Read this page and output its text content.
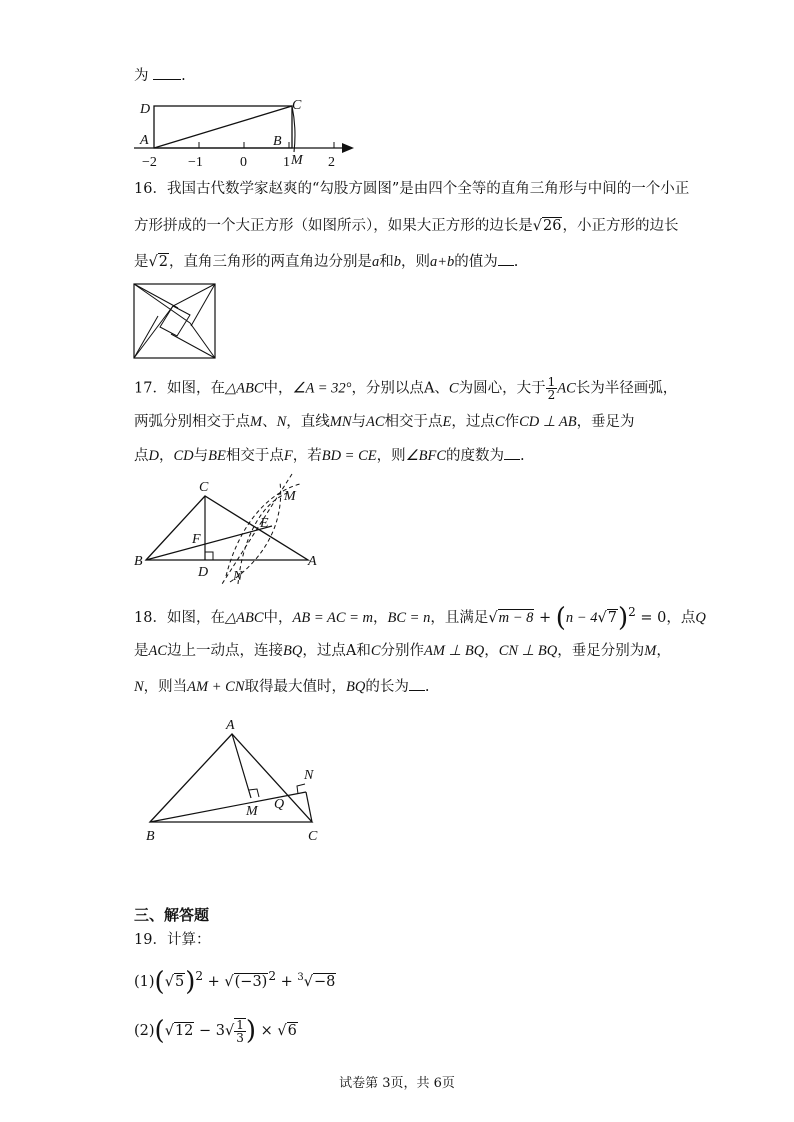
为 .
D	C
A	B
M
−2 −1	0	1	2
16．我国古代数学家赵爽的“勾股方圆图”是由四个全等的直角三角形与中间的一个小正
方形拼成的一个大正方形（如图所示），如果大正方形的边长是√26，小正方形的边长
是√2，直角三角形的两直角边分别是a和b，则a+b的值为 .
17．如图，在△ABC中，∠A = 32°，分别以点A、C为圆心，大于 $\frac{1}{2}$ AC长为半径画弧，
两弧分别相交于点M、N，直线MN与AC相交于点E，过点C作CD ⊥ AB，垂足为
点D，CD与BE相交于点F，若BD = CE，则∠BFC的度数为 .
C
M
E
F
B
D
A
N
18．如图，在△ABC中，AB = AC = m，BC = n，且满足$√m - 8 + (n - 4√7)^2 = 0$，点Q
是AC边上一动点，连接BQ，过点A和C分别作AM ⊥ BQ，CN ⊥ BQ，垂足分别为M，
N，则当AM + CN取得最大值时，BQ的长为 .
A
N
M Q
B	C
三、解答题
19．计算：
$(1)(√5)^2 + √(-3)^2 + ^3√-8$
$(2)(√12 - 3√ \frac{1}{3}$ ) × √6
试卷第 3页，共 6页
